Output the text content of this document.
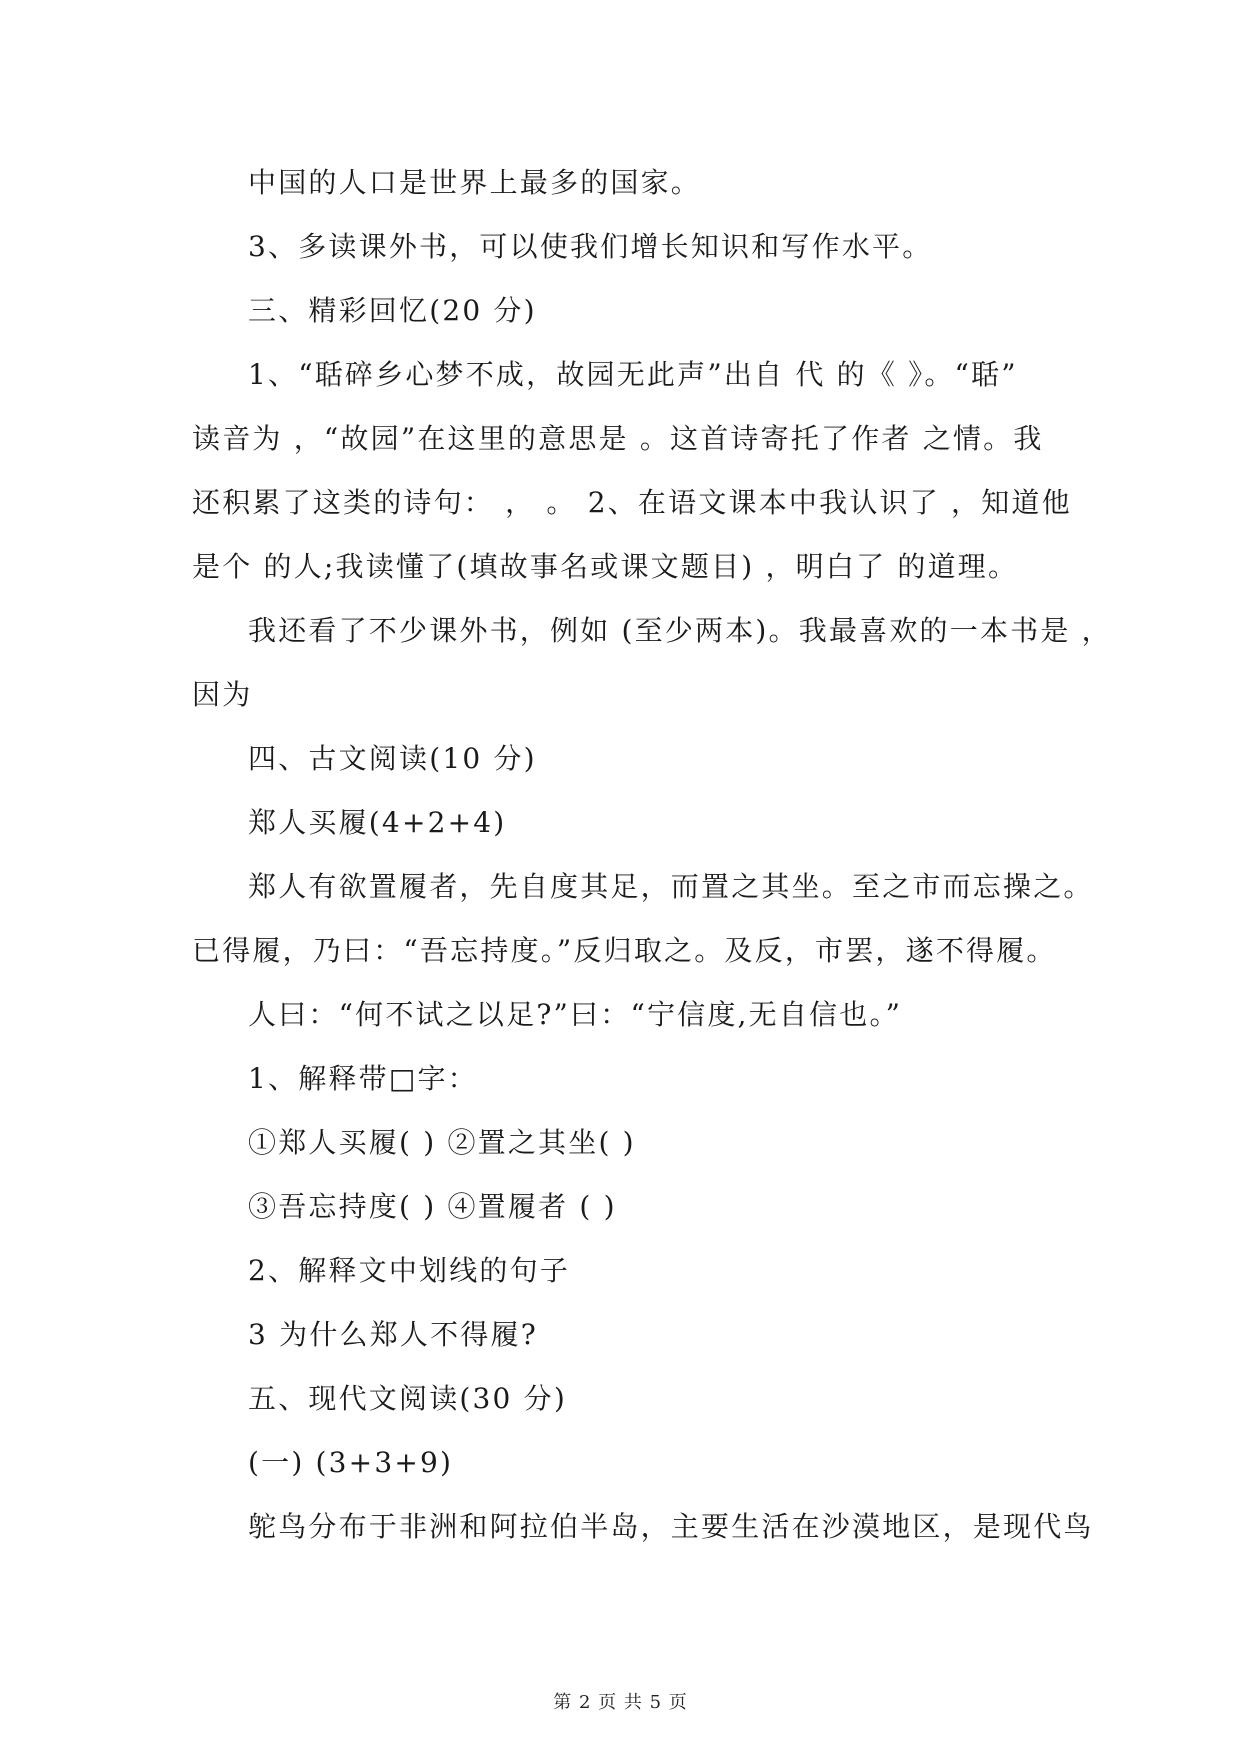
中国的人口是世界上最多的国家。
3、多读课外书，可以使我们增长知识和写作水平。
三、精彩回忆(20 分)
1、“聒碎乡心梦不成，故园无此声”出自 代 的《 》。“聒”
读音为 ，“故园”在这里的意思是 。这首诗寄托了作者 之情。我
还积累了这类的诗句： ， 。 2、在语文课本中我认识了 ，知道他
是个 的人;我读懂了(填故事名或课文题目) ，明白了 的道理。
我还看了不少课外书，例如 (至少两本)。我最喜欢的一本书是 ，
因为
四、古文阅读(10 分)
郑人买履(4+2+4)
郑人有欲置履者，先自度其足，而置之其坐。至之市而忘操之。
已得履，乃曰：“吾忘持度。”反归取之。及反，市罢，遂不得履。
人曰：“何不试之以足?”曰：“宁信度,无自信也。”
1、解释带□字：
①郑人买履( ) ②置之其坐( )
③吾忘持度( ) ④置履者 ( )
2、解释文中划线的句子
3 为什么郑人不得履?
五、现代文阅读(30 分)
(一) (3+3+9)
鸵鸟分布于非洲和阿拉伯半岛，主要生活在沙漠地区，是现代鸟
第 2 页 共 5 页
